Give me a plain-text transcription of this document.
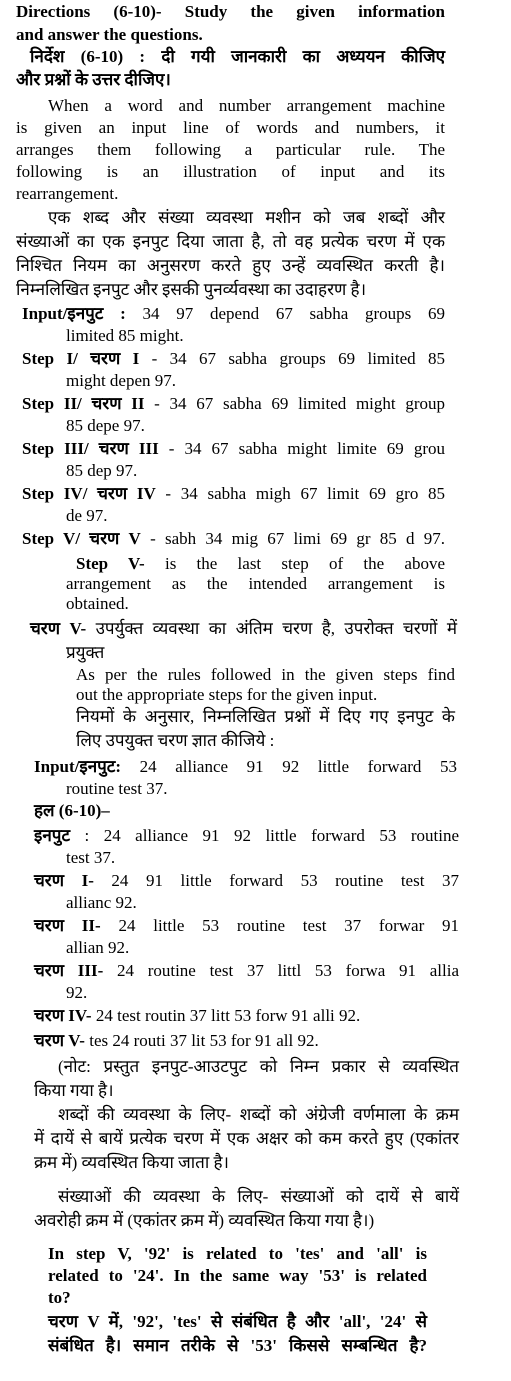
Directions (6-10)- Study the given information
and answer the questions.
निर्देश (6-10) : दी गयी जानकारी का अध्ययन कीजिए
और प्रश्नों के उत्तर दीजिए।
When a word and number arrangement machine
is given an input line of words and numbers, it
arranges them following a particular rule. The
following is an illustration of input and its
rearrangement.
एक शब्द और संख्या व्यवस्था मशीन को जब शब्दों और
संख्याओं का एक इनपुट दिया जाता है, तो वह प्रत्येक चरण में एक
निश्चित नियम का अनुसरण करते हुए उन्हें व्यवस्थित करती है।
निम्नलिखित इनपुट और इसकी पुनर्व्यवस्था का उदाहरण है।
Input/इनपुट : 34 97 depend 67 sabha groups 69
limited 85 might.
Step I/ चरण I - 34 67 sabha groups 69 limited 85
might depen 97.
Step II/ चरण II - 34 67 sabha 69 limited might group
85 depe 97.
Step III/ चरण III - 34 67 sabha might limite 69 grou
85 dep 97.
Step IV/ चरण IV - 34 sabha migh 67 limit 69 gro 85
de 97.
Step V/ चरण V - sabh 34 mig 67 limi 69 gr 85 d 97.
Step V- is the last step of the above
arrangement as the intended arrangement is
obtained.
चरण V- उपर्युक्त व्यवस्था का अंतिम चरण है, उपरोक्त चरणों में
प्रयुक्त
As per the rules followed in the given steps find
out the appropriate steps for the given input.
नियमों के अनुसार, निम्नलिखित प्रश्नों में दिए गए इनपुट के
लिए उपयुक्त चरण ज्ञात कीजिये :
Input/इनपुट: 24 alliance 91 92 little forward 53
routine test 37.
हल (6-10)–
इनपुट : 24 alliance 91 92 little forward 53 routine
test 37.
चरण I- 24 91 little forward 53 routine test 37
allianc 92.
चरण II- 24 little 53 routine test 37 forwar 91
allian 92.
चरण III- 24 routine test 37 littl 53 forwa 91 allia
92.
चरण IV- 24 test routin 37 litt 53 forw 91 alli 92.
चरण V- tes 24 routi 37 lit 53 for 91 all 92.
(नोट: प्रस्तुत इनपुट-आउटपुट को निम्न प्रकार से व्यवस्थित
किया गया है।
शब्दों की व्यवस्था के लिए- शब्दों को अंग्रेजी वर्णमाला के क्रम
में दायें से बायें प्रत्येक चरण में एक अक्षर को कम करते हुए (एकांतर
क्रम में) व्यवस्थित किया जाता है।
संख्याओं की व्यवस्था के लिए- संख्याओं को दायें से बायें
अवरोही क्रम में (एकांतर क्रम में) व्यवस्थित किया गया है।)
In step V, '92' is related to 'tes' and 'all' is
related to '24'. In the same way '53' is related
to?
चरण V में, '92', 'tes' से संबंधित है और 'all', '24' से
संबंधित है। समान तरीके से '53' किससे सम्बन्धित है?
